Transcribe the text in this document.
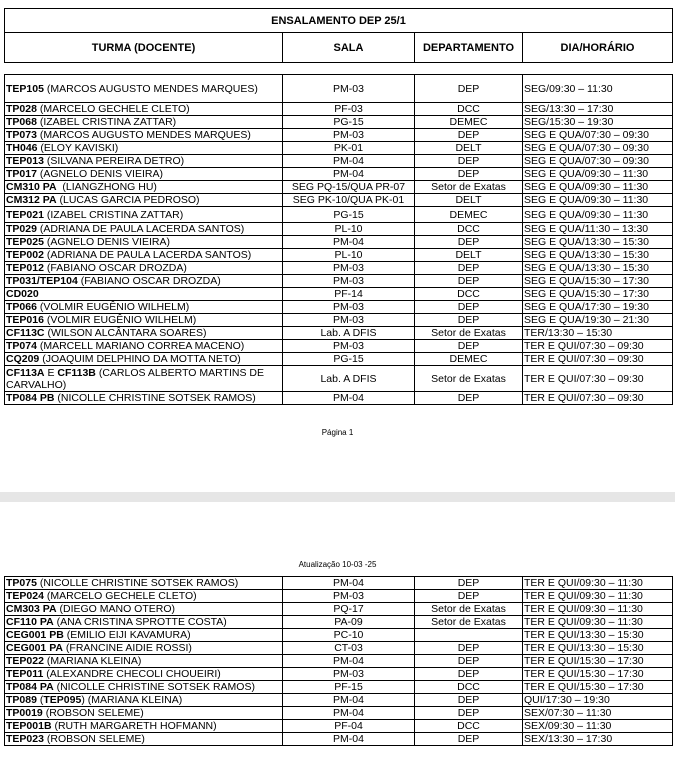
ENSALAMENTO DEP 25/1
TURMA (DOCENTE)	SALA	DEPARTAMENTO	DIA/HORÁRIO
TEP105 (MARCOS AUGUSTO MENDES MARQUES)	PM-03	DEP	SEG/09:30 – 11:30
TP028 (MARCELO GECHELE CLETO)	PF-03	DCC	SEG/13:30 – 17:30
TP068 (IZABEL CRISTINA ZATTAR)	PG-15	DEMEC	SEG/15:30 – 19:30
TP073 (MARCOS AUGUSTO MENDES MARQUES)	PM-03	DEP	SEG E QUA/07:30 – 09:30
TH046 (ELOY KAVISKI)	PK-01	DELT	SEG E QUA/07:30 – 09:30
TEP013 (SILVANA PEREIRA DETRO)	PM-04	DEP	SEG E QUA/07:30 – 09:30
TP017 (AGNELO DENIS VIEIRA)	PM-04	DEP	SEG E QUA/09:30 – 11:30
CM310 PA  (LIANGZHONG HU)	SEG PQ-15/QUA PR-07	Setor de Exatas	SEG E QUA/09:30 – 11:30
CM312 PA (LUCAS GARCIA PEDROSO)	SEG PK-10/QUA PK-01	DELT	SEG E QUA/09:30 – 11:30
TEP021 (IZABEL CRISTINA ZATTAR)	PG-15	DEMEC	SEG E QUA/09:30 – 11:30
TP029 (ADRIANA DE PAULA LACERDA SANTOS)	PL-10	DCC	SEG E QUA/11:30 – 13:30
TEP025 (AGNELO DENIS VIEIRA)	PM-04	DEP	SEG E QUA/13:30 – 15:30
TEP002 (ADRIANA DE PAULA LACERDA SANTOS)	PL-10	DELT	SEG E QUA/13:30 – 15:30
TEP012 (FABIANO OSCAR DROZDA)	PM-03	DEP	SEG E QUA/13:30 – 15:30
TP031/TEP104 (FABIANO OSCAR DROZDA)	PM-03	DEP	SEG E QUA/15:30 – 17:30
CD020	PF-14	DCC	SEG E QUA/15:30 – 17:30
TP066 (VOLMIR EUGÊNIO WILHELM)	PM-03	DEP	SEG E QUA/17:30 – 19:30
TEP016 (VOLMIR EUGÊNIO WILHELM)	PM-03	DEP	SEG E QUA/19:30 – 21:30
CF113C (WILSON ALCÂNTARA SOARES)	Lab. A DFIS	Setor de Exatas	TER/13:30 – 15:30
TP074 (MARCELL MARIANO CORREA MACENO)	PM-03	DEP	TER E QUI/07:30 – 09:30
CQ209 (JOAQUIM DELPHINO DA MOTTA NETO)	PG-15	DEMEC	TER E QUI/07:30 – 09:30
CF113A E CF113B (CARLOS ALBERTO MARTINS DE CARVALHO)	Lab. A DFIS	Setor de Exatas	TER E QUI/07:30 – 09:30
TP084 PB (NICOLLE CHRISTINE SOTSEK RAMOS)	PM-04	DEP	TER E QUI/07:30 – 09:30
Página 1
Atualização 10-03 -25
TP075 (NICOLLE CHRISTINE SOTSEK RAMOS)	PM-04	DEP	TER E QUI/09:30 – 11:30
TEP024 (MARCELO GECHELE CLETO)	PM-03	DEP	TER E QUI/09:30 – 11:30
CM303 PA (DIEGO MANO OTERO)	PQ-17	Setor de Exatas	TER E QUI/09:30 – 11:30
CF110 PA (ANA CRISTINA SPROTTE COSTA)	PA-09	Setor de Exatas	TER E QUI/09:30 – 11:30
CEG001 PB (EMILIO EIJI KAVAMURA)	PC-10		TER E QUI/13:30 – 15:30
CEG001 PA (FRANCINE AIDIE ROSSI)	CT-03	DEP	TER E QUI/13:30 – 15:30
TEP022 (MARIANA KLEINA)	PM-04	DEP	TER E QUI/15:30 – 17:30
TEP011 (ALEXANDRE CHECOLI CHOUEIRI)	PM-03	DEP	TER E QUI/15:30 – 17:30
TP084 PA (NICOLLE CHRISTINE SOTSEK RAMOS)	PF-15	DCC	TER E QUI/15:30 – 17:30
TP089 (TEP095) (MARIANA KLEINA)	PM-04	DEP	QUI/17:30 – 19:30
TP0019 (ROBSON SELEME)	PM-04	DEP	SEX/07:30 – 11:30
TEP001B (RUTH MARGARETH HOFMANN)	PF-04	DCC	SEX/09:30 – 11:30
TEP023 (ROBSON SELEME)	PM-04	DEP	SEX/13:30 – 17:30
